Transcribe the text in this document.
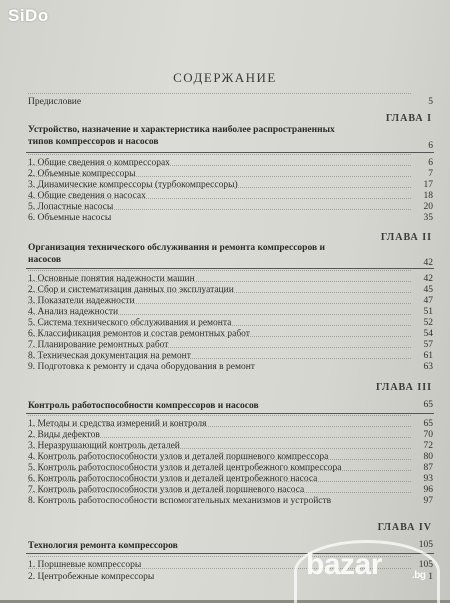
SiDo
СОДЕРЖАНИЕ
Предисловие	5
ГЛАВА I
Устройство, назначение и характеристика наиболее распространенных
типов компрессоров и насосов	6
1. Общие сведения о компрессорах	6
2. Объемные компрессоры	7
3. Динамические компрессоры (турбокомпрессоры)	17
4. Общие сведения о насосах	18
5. Лопастные насосы	20
6. Объемные насосы	35
ГЛАВА II
Организация технического обслуживания и ремонта компрессоров и
насосов	42
1. Основные понятия надежности машин	42
2. Сбор и систематизация данных по эксплуатации	45
3. Показатели надежности	47
4. Анализ надежности	51
5. Система технического обслуживания и ремонта	52
6. Классификация ремонтов и состав ремонтных работ	54
7. Планирование ремонтных работ	57
8. Техническая документация на ремонт	61
9. Подготовка к ремонту и сдача оборудования в ремонт	63
ГЛАВА III
Контроль работоспособности компрессоров и насосов	65
1. Методы и средства измерений и контроля	65
2. Виды дефектов	70
3. Неразрушающий контроль деталей	72
4. Контроль работоспособности узлов и деталей поршневого компрессора	80
5. Контроль работоспособности узлов и деталей центробежного компрессора	87
6. Контроль работоспособности узлов и деталей центробежного насоса	93
7. Контроль работоспособности узлов и деталей поршневого насоса	96
8. Контроль работоспособности вспомогательных механизмов и устройств	97
ГЛАВА IV
Технология ремонта компрессоров	105
1. Поршневые компрессоры	105
2. Центробежные компрессоры	1
bazar	.bg
